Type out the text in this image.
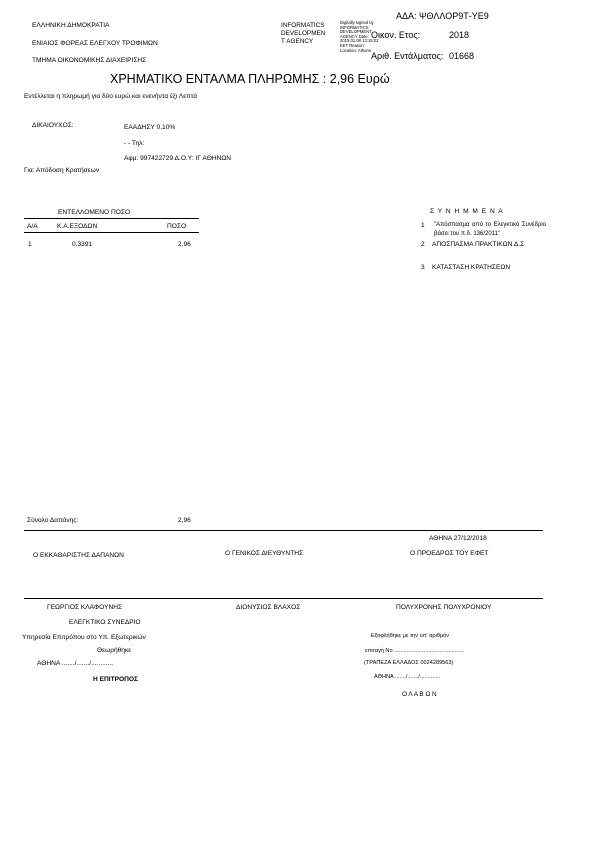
ΕΛΛΗΝΙΚΗ ΔΗΜΟΚΡΑΤΙΑ
ΕΝΙΑΙΟΣ ΦΟΡΕΑΣ ΕΛΕΓΧΟΥ ΤΡΟΦΙΜΩΝ
ΤΜΗΜΑ ΟΙΚΟΝΟΜΙΚΗΣ ΔΙΑΧΕΙΡΙΣΗΣ
INFORMATICS
DEVELOPMEN
T AGENCY
Digitally signed by INFORMATICS DEVELOPMENT AGENCY Date: 2019.01.08 13:15:02 EET Reason: Location: Athens
ΑΔΑ: ΨΘΛΛΟΡ9Τ-ΥΕ9
Οικον. Ετος:	2018
Αριθ. Εντάλματος: 01668
ΧΡΗΜΑΤΙΚΟ ΕΝΤΑΛΜΑ ΠΛΗΡΩΜΗΣ : 2,96 Ευρώ
Εντέλλεται η πληρωμή για δύο ευρώ και ενενήντα έξι Λεπτά
ΔΙΚΑΙΟΥΧΟΣ:	ΕΑΑΔΗΣΥ 0,10%
- - Τηλ:
Αφμ: 997422729 Δ.Ο.Υ: ΙΓ ΑΘΗΝΩΝ
Για: Απόδοση Κρατήσεων
ΕΝΤΕΛΛΟΜΕΝΟ ΠΟΣΟ
Α/Α	Κ.Α.ΕΞΟΔΩΝ	ΠΟΣΟ
1	0.3391	2,96
Σ Υ Ν Η Μ Μ Ε Ν Α
1 "Απόσπασμα από το Ελεγκτικό Συνέδριο βάσει του π.δ. 136/2011"
2 ΑΠΟΣΠΑΣΜΑ ΠΡΑΚΤΙΚΩΝ Δ.Σ
3 ΚΑΤΑΣΤΑΣΗ ΚΡΑΤΗΣΕΩΝ
Σύνολο Δαπάνης:	2,96
ΑΘΗΝΑ 27/12/2018
Ο ΕΚΚΑΘΑΡΙΣΤΗΣ ΔΑΠΑΝΩΝ	Ο ΓΕΝΙΚΟΣ ΔΙΕΥΘΥΝΤΗΣ	Ο ΠΡΟΕΔΡΟΣ ΤΟΥ ΕΦΕΤ
ΓΕΩΡΓΙΟΣ ΚΛΑΦΟΥΝΗΣ	ΔΙΟΝΥΣΙΟΣ ΒΛΑΧΟΣ	ΠΟΛΥΧΡΟΝΗΣ ΠΟΛΥΧΡΟΝΙΟΥ
ΕΛΕΓΚΤΙΚΟ ΣΥΝΕΔΡΙΟ
Υπηρεσία Επιτρόπου στο Υπ. Εξωτερικών
Θεωρήθηκε
ΑΘΗΝΑ ......./......./............
Η ΕΠΙΤΡΟΠΟΣ
Εξοφλήθηκε με την υπ' αριθμόν
επιταγή Νο .............................................
(ΤΡΑΠΕΖΑ ΕΛΛΑΔΟΣ 0024289563)
ΑΘΗΝΑ ......./......./.............
Ο Λ Α Β Ω Ν
